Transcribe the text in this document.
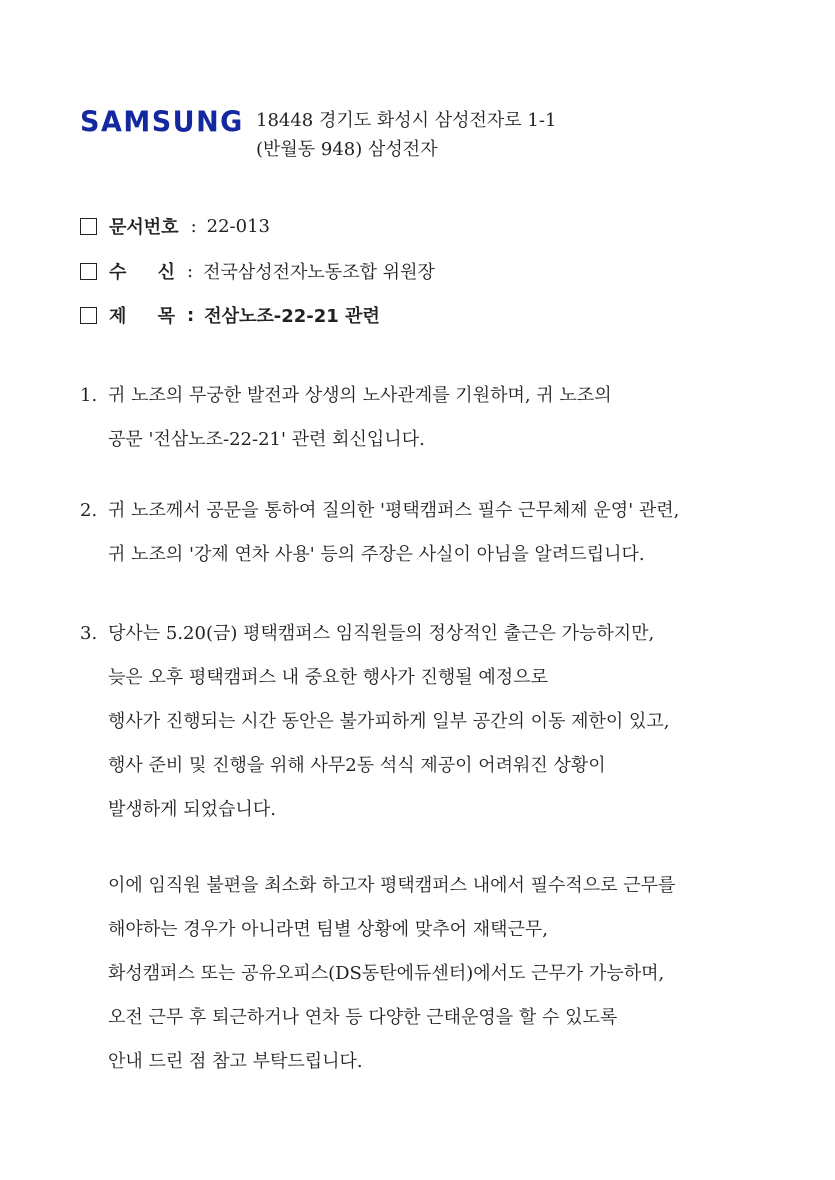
SAMSUNG 18448 경기도 화성시 삼성전자로 1-1
(반월동 948) 삼성전자
문서번호 : 22-013
수 신 : 전국삼성전자노동조합 위원장
제 목 : 전삼노조-22-21 관련
1. 귀 노조의 무궁한 발전과 상생의 노사관계를 기원하며, 귀 노조의
공문 '전삼노조-22-21' 관련 회신입니다.
2. 귀 노조께서 공문을 통하여 질의한 '평택캠퍼스 필수 근무체제 운영' 관련,
귀 노조의 '강제 연차 사용' 등의 주장은 사실이 아님을 알려드립니다.
3. 당사는 5.20(금) 평택캠퍼스 임직원들의 정상적인 출근은 가능하지만,
늦은 오후 평택캠퍼스 내 중요한 행사가 진행될 예정으로
행사가 진행되는 시간 동안은 불가피하게 일부 공간의 이동 제한이 있고,
행사 준비 및 진행을 위해 사무2동 석식 제공이 어려워진 상황이
발생하게 되었습니다.
이에 임직원 불편을 최소화 하고자 평택캠퍼스 내에서 필수적으로 근무를
해야하는 경우가 아니라면 팀별 상황에 맞추어 재택근무,
화성캠퍼스 또는 공유오피스(DS동탄에듀센터)에서도 근무가 가능하며,
오전 근무 후 퇴근하거나 연차 등 다양한 근태운영을 할 수 있도록
안내 드린 점 참고 부탁드립니다.
